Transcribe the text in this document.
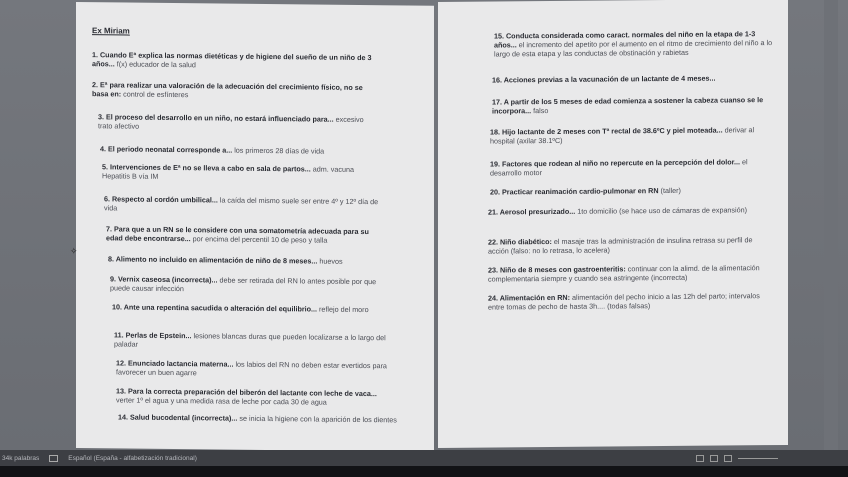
Ex Miriam
1. Cuando Eª explica las normas dietéticas y de higiene del sueño de un niño de 3 años... f(x) educador de la salud
2. Eª para realizar una valoración de la adecuación del crecimiento físico, no se basa en: control de esfínteres
3. El proceso del desarrollo en un niño, no estará influenciado para... excesivo trato afectivo
4. El periodo neonatal corresponde a... los primeros 28 días de vida
5. Intervenciones de Eª no se lleva a cabo en sala de partos... adm. vacuna Hepatitis B vía IM
6. Respecto al cordón umbilical... la caída del mismo suele ser entre 4º y 12º día de vida
7. Para que a un RN se le considere con una somatometría adecuada para su edad debe encontrarse... por encima del percentil 10 de peso y talla
8. Alimento no incluido en alimentación de niño de 8 meses... huevos
9. Vernix caseosa (incorrecta)... debe ser retirada del RN lo antes posible por que puede causar infección
10. Ante una repentina sacudida o alteración del equilibrio... reflejo del moro
11. Perlas de Epstein... lesiones blancas duras que pueden localizarse a lo largo del paladar
12. Enunciado lactancia materna... los labios del RN no deben estar evertidos para favorecer un buen agarre
13. Para la correcta preparación del biberón del lactante con leche de vaca... verter 1º el agua y una medida rasa de leche por cada 30 de agua
14. Salud bucodental (incorrecta)... se inicia la higiene con la aparición de los dientes
15. Conducta considerada como caract. normales del niño en la etapa de 1-3 años... el incremento del apetito por el aumento en el ritmo de crecimiento del niño a lo largo de esta etapa y las conductas de obstinación y rabietas
16. Acciones previas a la vacunación de un lactante de 4 meses...
17. A partir de los 5 meses de edad comienza a sostener la cabeza cuanso se le incorpora... falso
18. Hijo lactante de 2 meses con Tª rectal de 38.6ºC y piel moteada... derivar al hospital (axilar 38.1ºC)
19. Factores que rodean al niño no repercute en la percepción del dolor... el desarrollo motor
20. Practicar reanimación cardio-pulmonar en RN (taller)
21. Aerosol presurizado... 1to domicilio (se hace uso de cámaras de expansión)
22. Niño diabético: el masaje tras la administración de insulina retrasa su perfil de acción (falso: no lo retrasa, lo acelera)
23. Niño de 8 meses con gastroenteritis: continuar con la alimd. de la alimentación complementaria siempre y cuando sea astringente (incorrecta)
24. Alimentación en RN: alimentación del pecho inicio a las 12h del parto; intervalos entre tomas de pecho de hasta 3h.... (todas falsas)
✧
34k palabras	Español (España - alfabetización tradicional)
